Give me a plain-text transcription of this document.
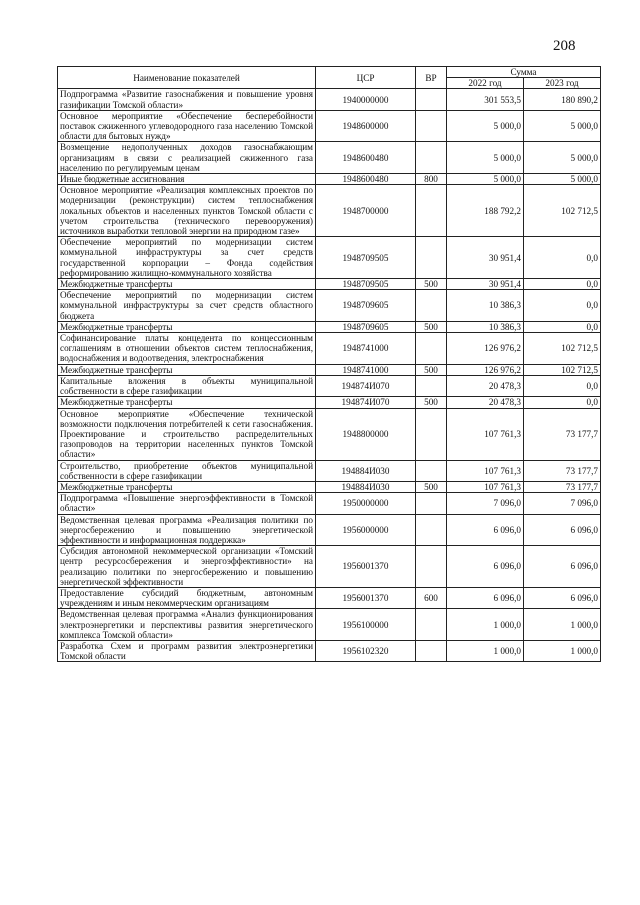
208
Наименование показателей	ЦСР	ВР	Сумма	
			2022 год	2023 год
Подпрограмма «Развитие газоснабжения и повышение уровня газификации Томской области»	1940000000		301 553,5	180 890,2
Основное мероприятие «Обеспечение бесперебойности поставок сжиженного углеводородного газа населению Томской области для бытовых нужд»	1948600000		5 000,0	5 000,0
Возмещение недополученных доходов газоснабжающим организациям в связи с реализацией сжиженного газа населению по регулируемым ценам	1948600480		5 000,0	5 000,0
Иные бюджетные ассигнования	1948600480	800	5 000,0	5 000,0
Основное мероприятие «Реализация комплексных проектов по модернизации (реконструкции) систем теплоснабжения локальных объектов и населенных пунктов Томской области с учетом строительства (технического перевооружения) источников выработки тепловой энергии на природном газе»	1948700000		188 792,2	102 712,5
Обеспечение мероприятий по модернизации систем коммунальной инфраструктуры за счет средств государственной корпорации – Фонда содействия реформированию жилищно-коммунального хозяйства	1948709505		30 951,4	0,0
Межбюджетные трансферты	1948709505	500	30 951,4	0,0
Обеспечение мероприятий по модернизации систем коммунальной инфраструктуры за счет средств областного бюджета	1948709605		10 386,3	0,0
Межбюджетные трансферты	1948709605	500	10 386,3	0,0
Софинансирование платы концедента по концессионным соглашениям в отношении объектов систем теплоснабжения, водоснабжения и водоотведения, электроснабжения	1948741000		126 976,2	102 712,5
Межбюджетные трансферты	1948741000	500	126 976,2	102 712,5
Капитальные вложения в объекты муниципальной собственности в сфере газификации	194874И070		20 478,3	0,0
Межбюджетные трансферты	194874И070	500	20 478,3	0,0
Основное мероприятие «Обеспечение технической возможности подключения потребителей к сети газоснабжения. Проектирование и строительство распределительных газопроводов на территории населенных пунктов Томской области»	1948800000		107 761,3	73 177,7
Строительство, приобретение объектов муниципальной собственности в сфере газификации	194884И030		107 761,3	73 177,7
Межбюджетные трансферты	194884И030	500	107 761,3	73 177,7
Подпрограмма «Повышение энергоэффективности в Томской области»	1950000000		7 096,0	7 096,0
Ведомственная целевая программа «Реализация политики по энергосбережению и повышению энергетической эффективности и информационная поддержка»	1956000000		6 096,0	6 096,0
Субсидия автономной некоммерческой организации «Томский центр ресурсосбережения и энергоэффективности» на реализацию политики по энергосбережению и повышению энергетической эффективности	1956001370		6 096,0	6 096,0
Предоставление субсидий бюджетным, автономным учреждениям и иным некоммерческим организациям	1956001370	600	6 096,0	6 096,0
Ведомственная целевая программа «Анализ функционирования электроэнергетики и перспективы развития энергетического комплекса Томской области»	1956100000		1 000,0	1 000,0
Разработка Схем и программ развития электроэнергетики Томской области	1956102320		1 000,0	1 000,0
